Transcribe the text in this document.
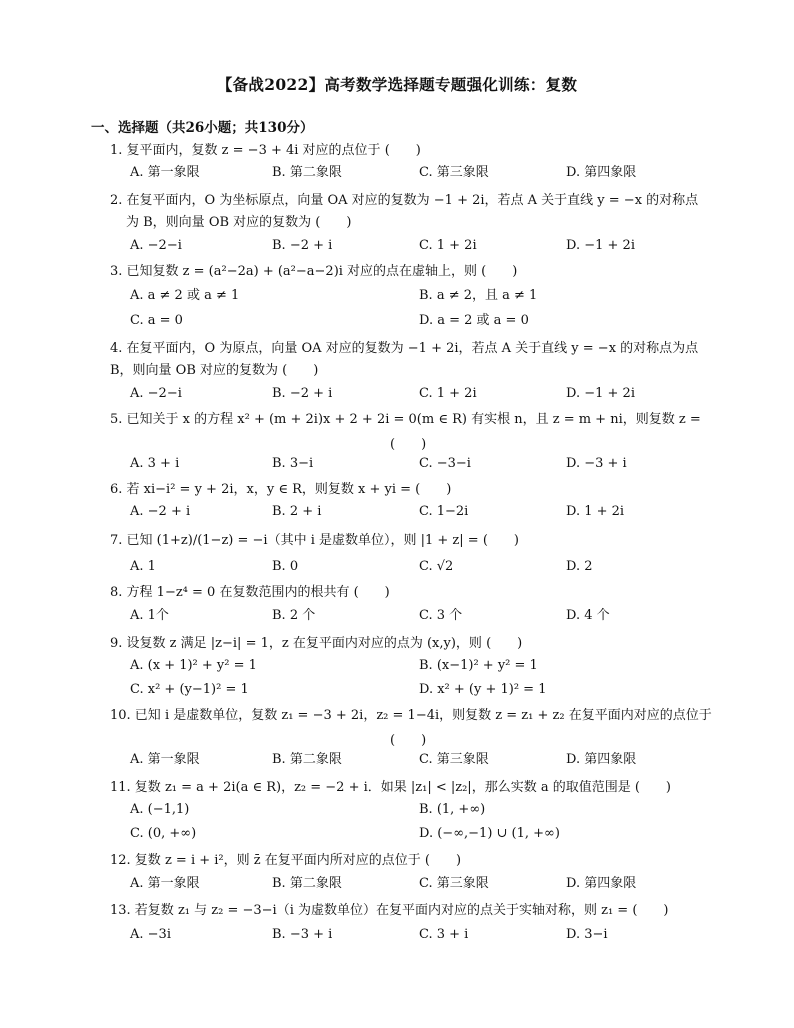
【备战2022】高考数学选择题专题强化训练：复数
一、选择题（共26小题；共130分）
1. 复平面内，复数 z = −3 + 4i 对应的点位于 (　　)
A. 第一象限	B. 第二象限	C. 第三象限	D. 第四象限
2. 在复平面内，O 为坐标原点，向量 OA 对应的复数为 −1 + 2i，若点 A 关于直线 y = −x 的对称点
为 B，则向量 OB 对应的复数为 (　　)
A. −2−i	B. −2 + i	C. 1 + 2i	D. −1 + 2i
3. 已知复数 z = (a²−2a) + (a²−a−2)i 对应的点在虚轴上，则 (　　)
A. a ≠ 2 或 a ≠ 1	B. a ≠ 2，且 a ≠ 1
C. a = 0	D. a = 2 或 a = 0
4. 在复平面内，O 为原点，向量 OA 对应的复数为 −1 + 2i，若点 A 关于直线 y = −x 的对称点为点
B，则向量 OB 对应的复数为 (　　)
A. −2−i	B. −2 + i	C. 1 + 2i	D. −1 + 2i
5. 已知关于 x 的方程 x² + (m + 2i)x + 2 + 2i = 0(m ∈ R) 有实根 n，且 z = m + ni，则复数 z =
(　　)
A. 3 + i	B. 3−i	C. −3−i	D. −3 + i
6. 若 xi−i² = y + 2i，x，y ∈ R，则复数 x + yi = (　　)
A. −2 + i	B. 2 + i	C. 1−2i	D. 1 + 2i
7. 已知 (1+z)/(1−z) = −i（其中 i 是虚数单位），则 |1 + z| = (　　)
A. 1	B. 0	C. √2	D. 2
8. 方程 1−z⁴ = 0 在复数范围内的根共有 (　　)
A. 1个	B. 2 个	C. 3 个	D. 4 个
9. 设复数 z 满足 |z−i| = 1，z 在复平面内对应的点为 (x,y)，则 (　　)
A. (x + 1)² + y² = 1	B. (x−1)² + y² = 1
C. x² + (y−1)² = 1	D. x² + (y + 1)² = 1
10. 已知 i 是虚数单位，复数 z₁ = −3 + 2i，z₂ = 1−4i，则复数 z = z₁ + z₂ 在复平面内对应的点位于
(　　)
A. 第一象限	B. 第二象限	C. 第三象限	D. 第四象限
11. 复数 z₁ = a + 2i(a ∈ R)，z₂ = −2 + i．如果 |z₁| < |z₂|，那么实数 a 的取值范围是 (　　)
A. (−1,1)	B. (1, +∞)
C. (0, +∞)	D. (−∞,−1) ∪ (1, +∞)
12. 复数 z = i + i²，则 z̄ 在复平面内所对应的点位于 (　　)
A. 第一象限	B. 第二象限	C. 第三象限	D. 第四象限
13. 若复数 z₁ 与 z₂ = −3−i（i 为虚数单位）在复平面内对应的点关于实轴对称，则 z₁ = (　　)
A. −3i	B. −3 + i	C. 3 + i	D. 3−i
